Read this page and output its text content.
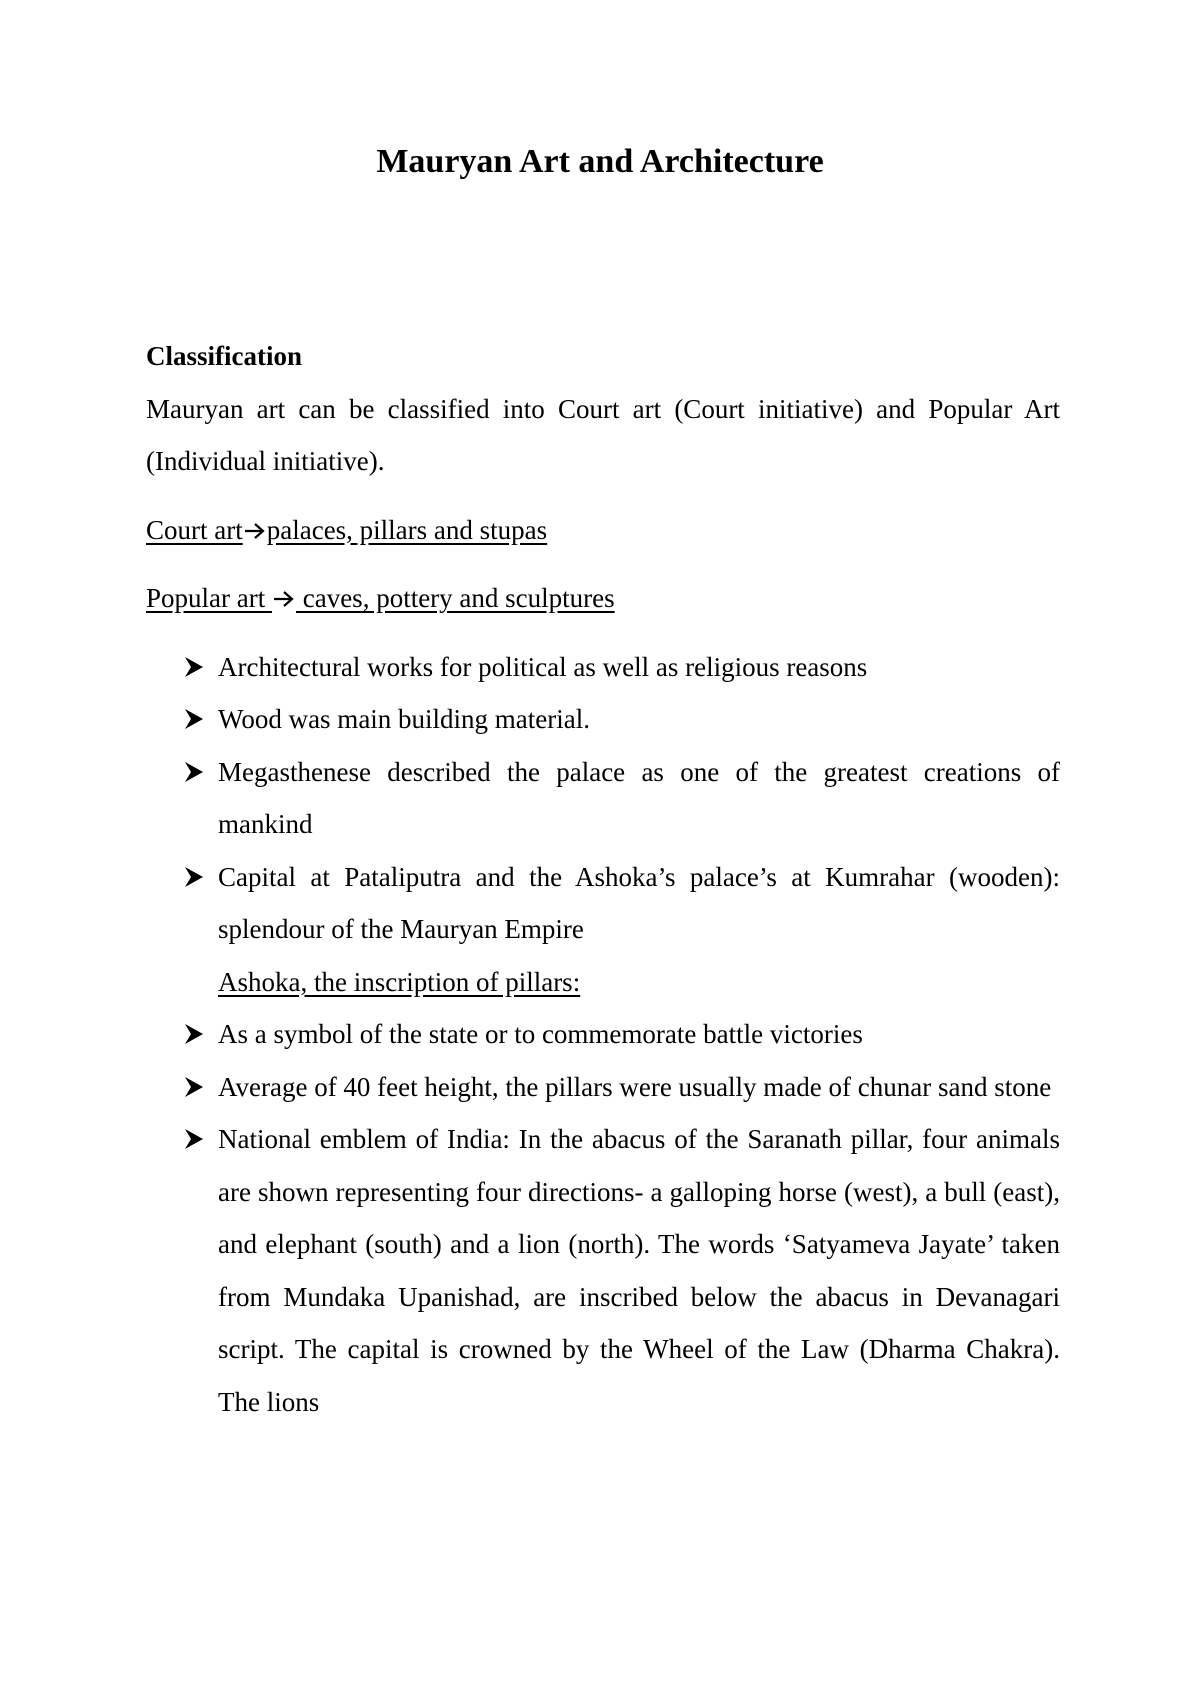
Mauryan Art and Architecture

Classification

Mauryan art can be classified into Court art (Court initiative) and Popular Art (Individual initiative).

Court art palaces, pillars and stupas

Popular art
caves, pottery and sculptures

Architectural works for political as well as religious reasons
Wood was main building material.
Megasthenese described the palace as one of the greatest creations of mankind
Capital at Pataliputra and the Ashoka’s palace’s at Kumrahar (wooden): splendour of the Mauryan Empire

Ashoka, the inscription of pillars:

As a symbol of the state or to commemorate battle victories
Average of 40 feet height, the pillars were usually made of chunar sand stone
National emblem of India: In the abacus of the Saranath pillar, four animals are shown representing four directions- a galloping horse (west), a bull (east), and elephant (south) and a lion (north). The words ‘Satyameva Jayate’ taken from Mundaka Upanishad, are inscribed below the abacus in Devanagari script. The capital is crowned by the Wheel of the Law (Dharma Chakra). The lions
